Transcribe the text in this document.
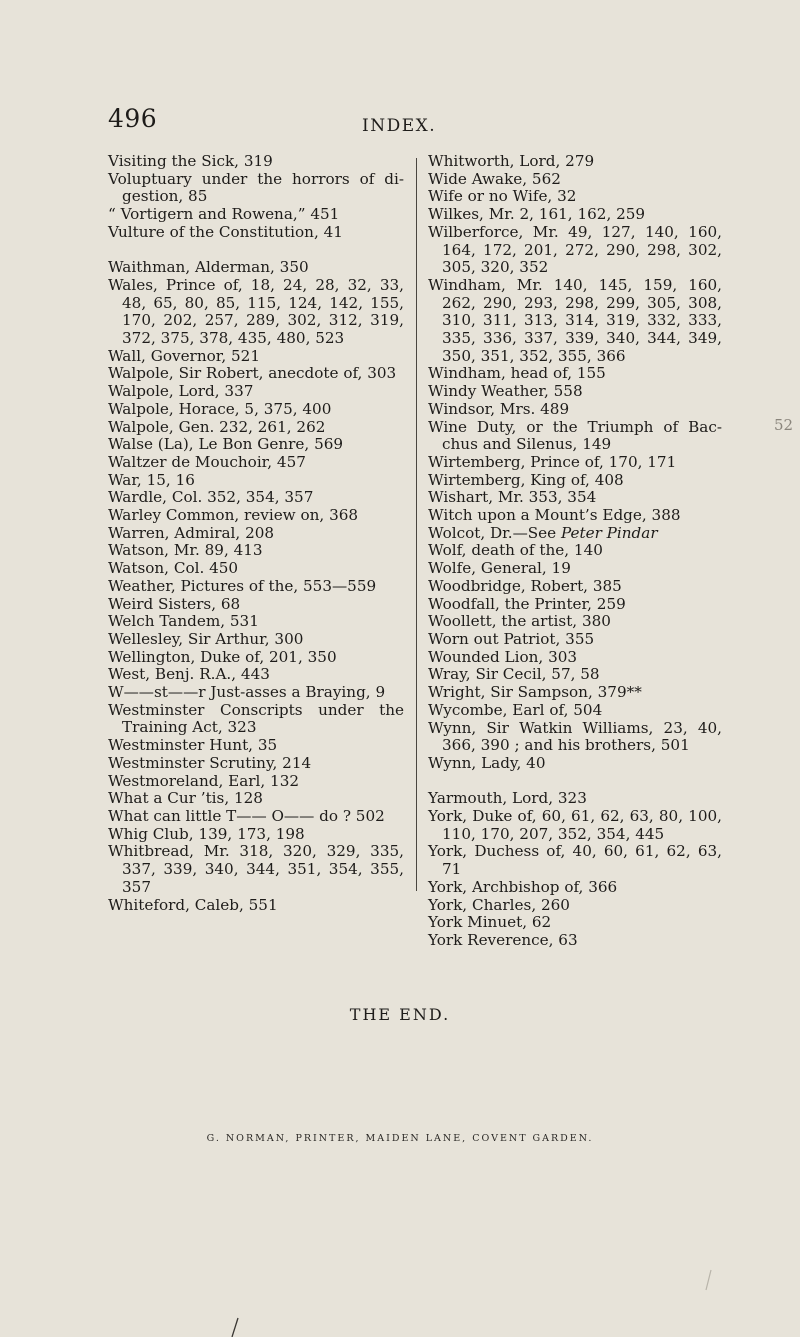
496	INDEX.

Visiting the Sick, 319

Voluptuary under the horrors of di gestion, 85

“ Vortigern and Rowena,” 451

Vulture of the Constitution, 41

Waithman, Alderman, 350

Wales, Prince of, 18, 24, 28, 32, 33, 48, 65, 80, 85, 115, 124, 142, 155, 170, 202, 257, 289, 302, 312, 319, 372, 375, 378, 435, 480, 523

Wall, Governor, 521

Walpole, Sir Robert, anecdote of, 303

Walpole, Lord, 337

Walpole, Horace, 5, 375, 400

Walpole, Gen. 232, 261, 262

Walse (La), Le Bon Genre, 569

Waltzer de Mouchoir, 457

War, 15, 16

Wardle, Col. 352, 354, 357

Warley Common, review on, 368

Warren, Admiral, 208

Watson, Mr. 89, 413

Watson, Col. 450

Weather, Pictures of the, 553—559

Weird Sisters, 68

Welch Tandem, 531

Wellesley, Sir Arthur, 300

Wellington, Duke of, 201, 350

West, Benj. R.A., 443

W——st——r Just-asses a Braying, 9

Westminster Conscripts under the Training Act, 323

Westminster Hunt, 35

Westminster Scrutiny, 214

Westmoreland, Earl, 132

What a Cur ’tis, 128

What can little T—— O—— do ? 502

Whig Club, 139, 173, 198

Whitbread, Mr. 318, 320, 329, 335, 337, 339, 340, 344, 351, 354, 355, 357

Whiteford, Caleb, 551

Whitworth, Lord, 279

Wide Awake, 562

Wife or no Wife, 32

Wilkes, Mr. 2, 161, 162, 259

Wilberforce, Mr. 49, 127, 140, 160, 164, 172, 201, 272, 290, 298, 302, 305, 320, 352

Windham, Mr. 140, 145, 159, 160, 262, 290, 293, 298, 299, 305, 308, 310, 311, 313, 314, 319, 332, 333, 335, 336, 337, 339, 340, 344, 349, 350, 351, 352, 355, 366

Windham, head of, 155

Windy Weather, 558

Windsor, Mrs. 489

Wine Duty, or the Triumph of Bac chus and Silenus, 149

Wirtemberg, Prince of, 170, 171

Wirtemberg, King of, 408

Wishart, Mr. 353, 354

Witch upon a Mount’s Edge, 388

Wolcot, Dr.—See Peter Pindar

Wolf, death of the, 140

Wolfe, General, 19

Woodbridge, Robert, 385

Woodfall, the Printer, 259

Woollett, the artist, 380

Worn out Patriot, 355

Wounded Lion, 303

Wray, Sir Cecil, 57, 58

Wright, Sir Sampson, 379**

Wycombe, Earl of, 504

Wynn, Sir Watkin Williams, 23, 40, 366, 390 ; and his brothers, 501

Wynn, Lady, 40

Yarmouth, Lord, 323

York, Duke of, 60, 61, 62, 63, 80, 100, 110, 170, 207, 352, 354, 445

York, Duchess of, 40, 60, 61, 62, 63, 71

York, Archbishop of, 366

York, Charles, 260

York Minuet, 62

York Reverence, 63

52
THE END.
G. NORMAN, PRINTER, MAIDEN LANE, COVENT GARDEN.
